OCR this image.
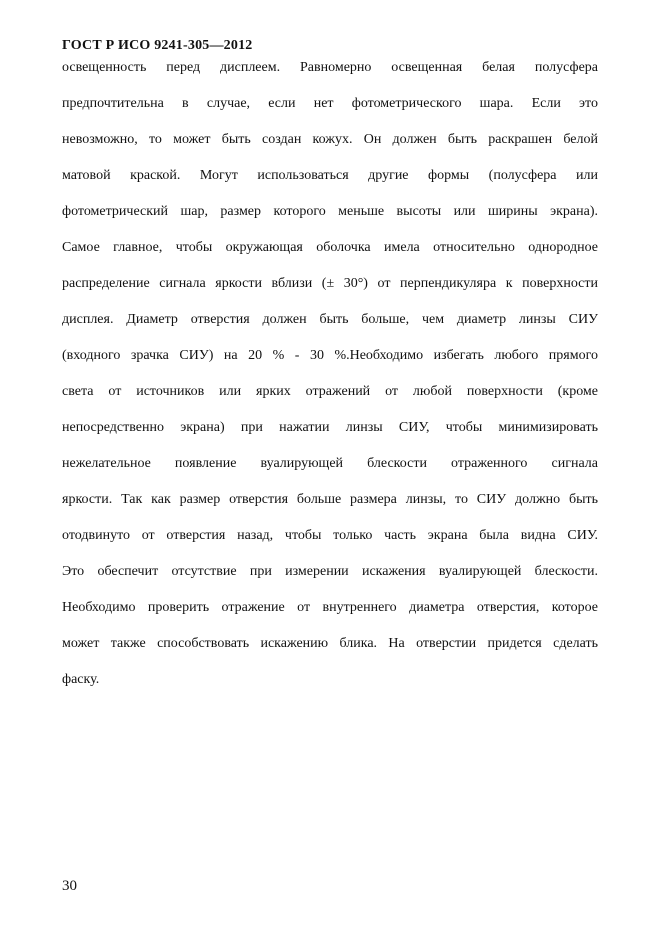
ГОСТ Р ИСО 9241-305—2012
освещенность перед дисплеем. Равномерно освещенная белая полусфера
предпочтительна в случае, если нет фотометрического шара. Если это
невозможно, то может быть создан кожух. Он должен быть раскрашен белой
матовой краской. Могут использоваться другие формы (полусфера или
фотометрический шар, размер которого меньше высоты или ширины экрана).
Самое главное, чтобы окружающая оболочка имела относительно однородное
распределение сигнала яркости вблизи (± 30°) от перпендикуляра к поверхности
дисплея. Диаметр отверстия должен быть больше, чем диаметр линзы СИУ
(входного зрачка СИУ) на 20 % - 30 %.Необходимо избегать любого прямого
света от источников или ярких отражений от любой поверхности (кроме
непосредственно экрана) при нажатии линзы СИУ, чтобы минимизировать
нежелательное появление вуалирующей блескости отраженного сигнала
яркости. Так как размер отверстия больше размера линзы, то СИУ должно быть
отодвинуто от отверстия назад, чтобы только часть экрана была видна СИУ.
Это обеспечит отсутствие при измерении искажения вуалирующей блескости.
Необходимо проверить отражение от внутреннего диаметра отверстия, которое
может также способствовать искажению блика. На отверстии придется сделать
фаску.
30
